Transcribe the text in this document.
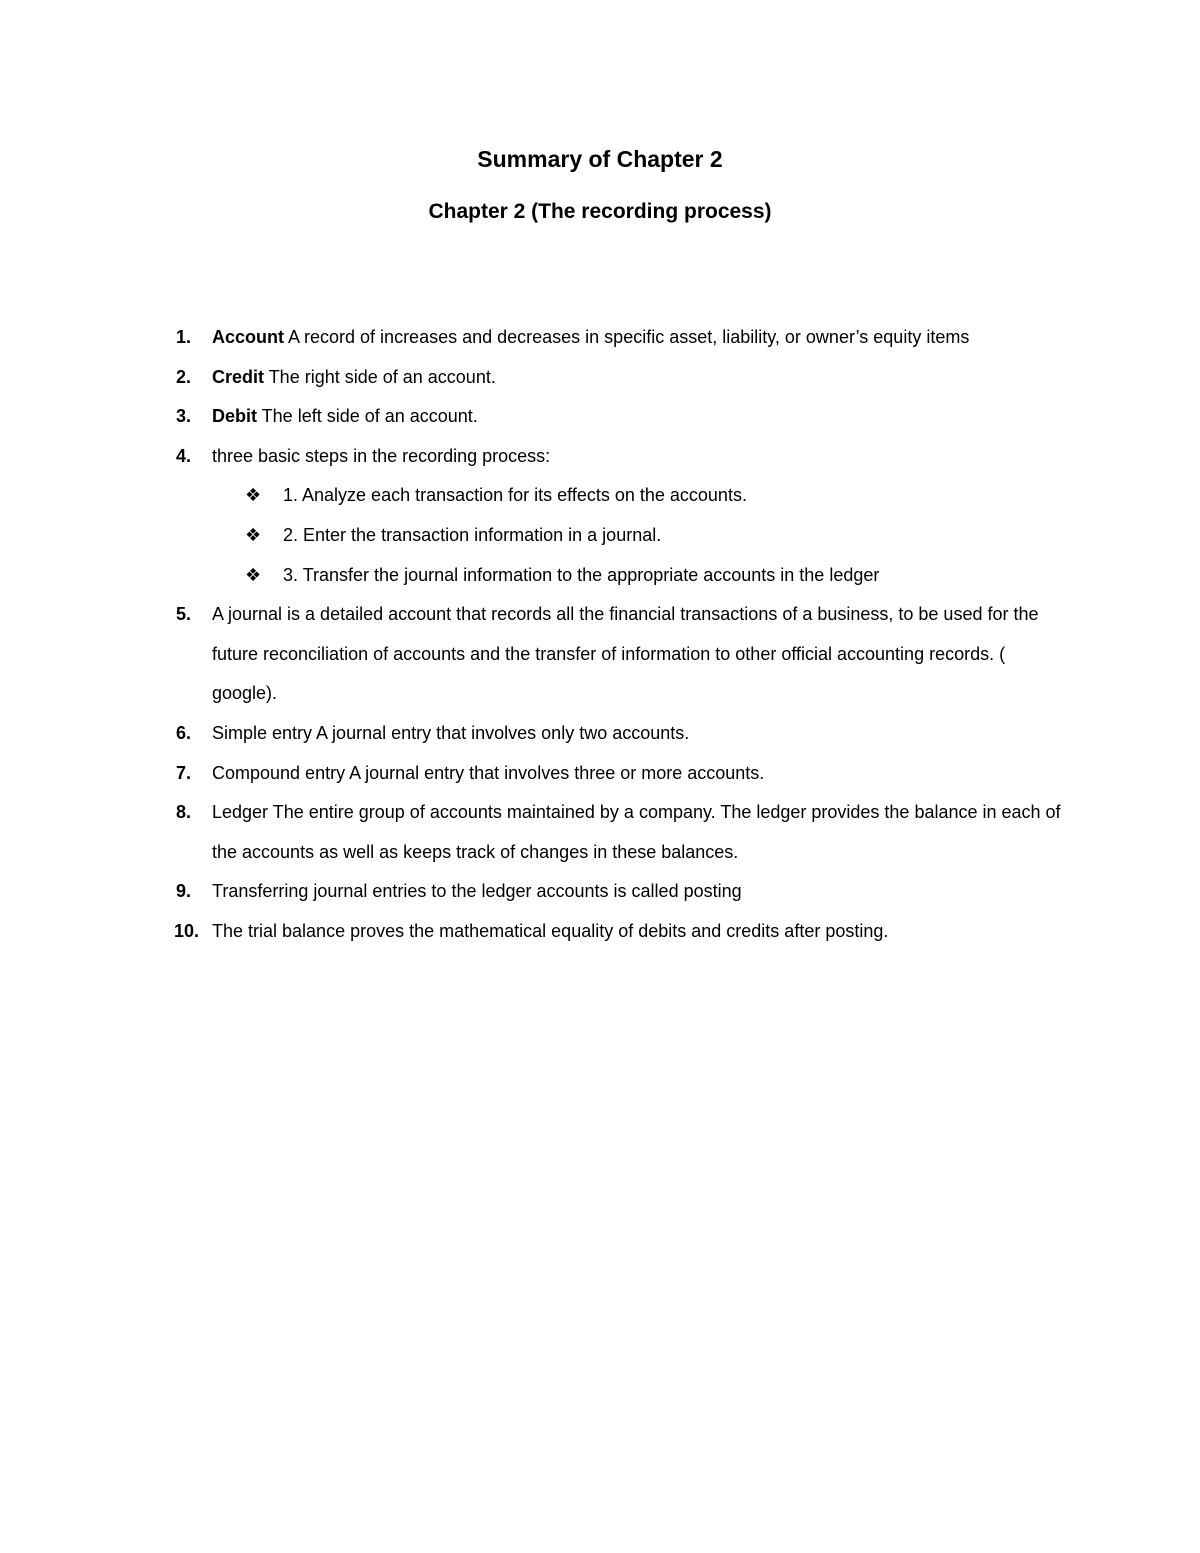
Summary of Chapter 2
Chapter 2 (The recording process)
1. Account A record of increases and decreases in specific asset, liability, or owner’s equity items
2. Credit The right side of an account.
3. Debit The left side of an account.
4. three basic steps in the recording process:
❖ 1. Analyze each transaction for its effects on the accounts.
❖ 2. Enter the transaction information in a journal.
❖ 3. Transfer the journal information to the appropriate accounts in the ledger
5. A journal is a detailed account that records all the financial transactions of a business, to be used for the future reconciliation of accounts and the transfer of information to other official accounting records. ( google).
6. Simple entry A journal entry that involves only two accounts.
7. Compound entry A journal entry that involves three or more accounts.
8. Ledger The entire group of accounts maintained by a company. The ledger provides the balance in each of the accounts as well as keeps track of changes in these balances.
9. Transferring journal entries to the ledger accounts is called posting
10. The trial balance proves the mathematical equality of debits and credits after posting.
